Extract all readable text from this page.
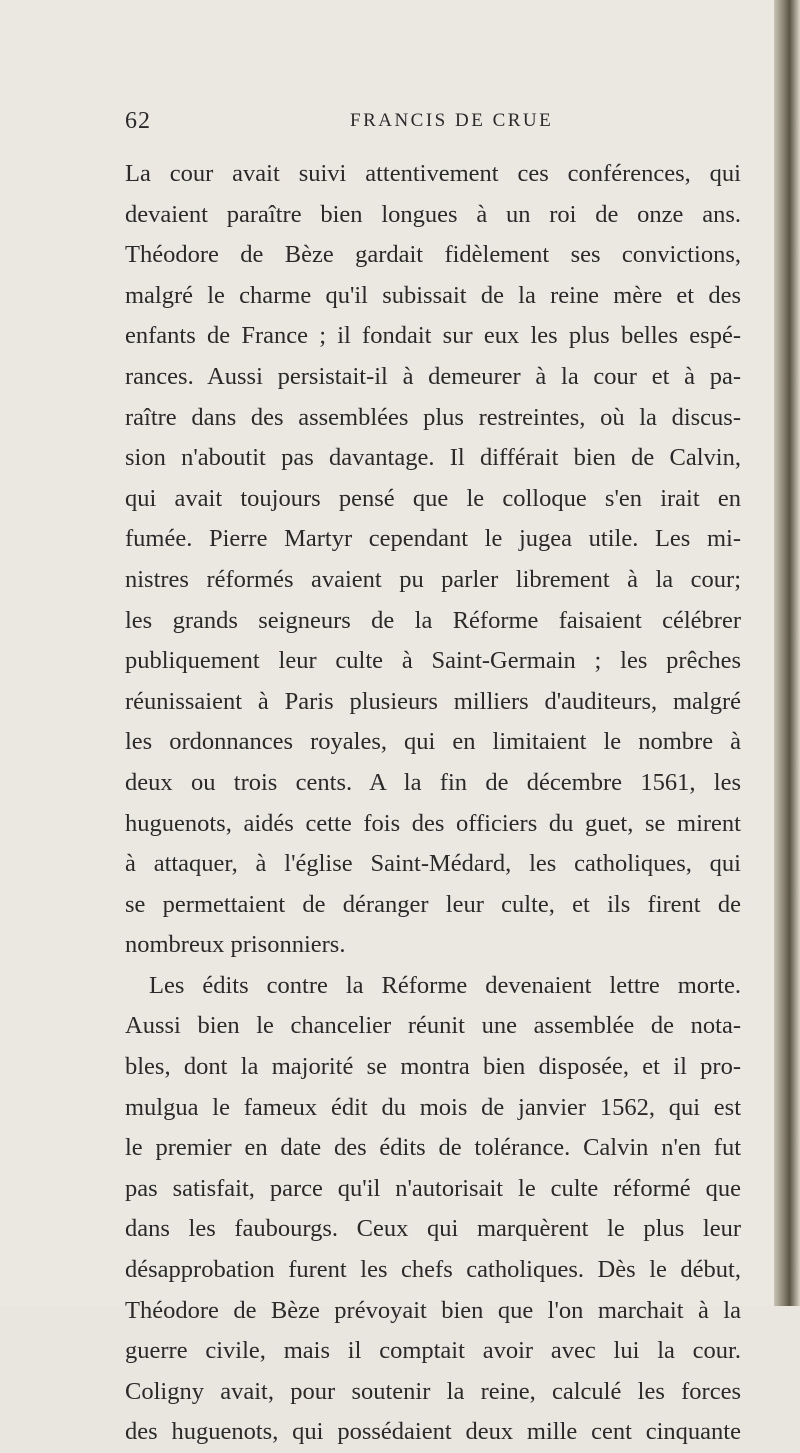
62	FRANCIS DE CRUE
La cour avait suivi attentivement ces conférences, qui
devaient paraître bien longues à un roi de onze ans.
Théodore de Bèze gardait fidèlement ses convictions,
malgré le charme qu'il subissait de la reine mère et des
enfants de France ; il fondait sur eux les plus belles espé-
rances. Aussi persistait-il à demeurer à la cour et à pa-
raître dans des assemblées plus restreintes, où la discus-
sion n'aboutit pas davantage. Il différait bien de Calvin,
qui avait toujours pensé que le colloque s'en irait en
fumée. Pierre Martyr cependant le jugea utile. Les mi-
nistres réformés avaient pu parler librement à la cour;
les grands seigneurs de la Réforme faisaient célébrer
publiquement leur culte à Saint-Germain ; les prêches
réunissaient à Paris plusieurs milliers d'auditeurs, malgré
les ordonnances royales, qui en limitaient le nombre à
deux ou trois cents. A la fin de décembre 1561, les
huguenots, aidés cette fois des officiers du guet, se mirent
à attaquer, à l'église Saint-Médard, les catholiques, qui
se permettaient de déranger leur culte, et ils firent de
nombreux prisonniers.
Les édits contre la Réforme devenaient lettre morte.
Aussi bien le chancelier réunit une assemblée de nota-
bles, dont la majorité se montra bien disposée, et il pro-
mulgua le fameux édit du mois de janvier 1562, qui est
le premier en date des édits de tolérance. Calvin n'en fut
pas satisfait, parce qu'il n'autorisait le culte réformé que
dans les faubourgs. Ceux qui marquèrent le plus leur
désapprobation furent les chefs catholiques. Dès le début,
Théodore de Bèze prévoyait bien que l'on marchait à la
guerre civile, mais il comptait avoir avec lui la cour.
Coligny avait, pour soutenir la reine, calculé les forces
des huguenots, qui possédaient deux mille cent cinquante
